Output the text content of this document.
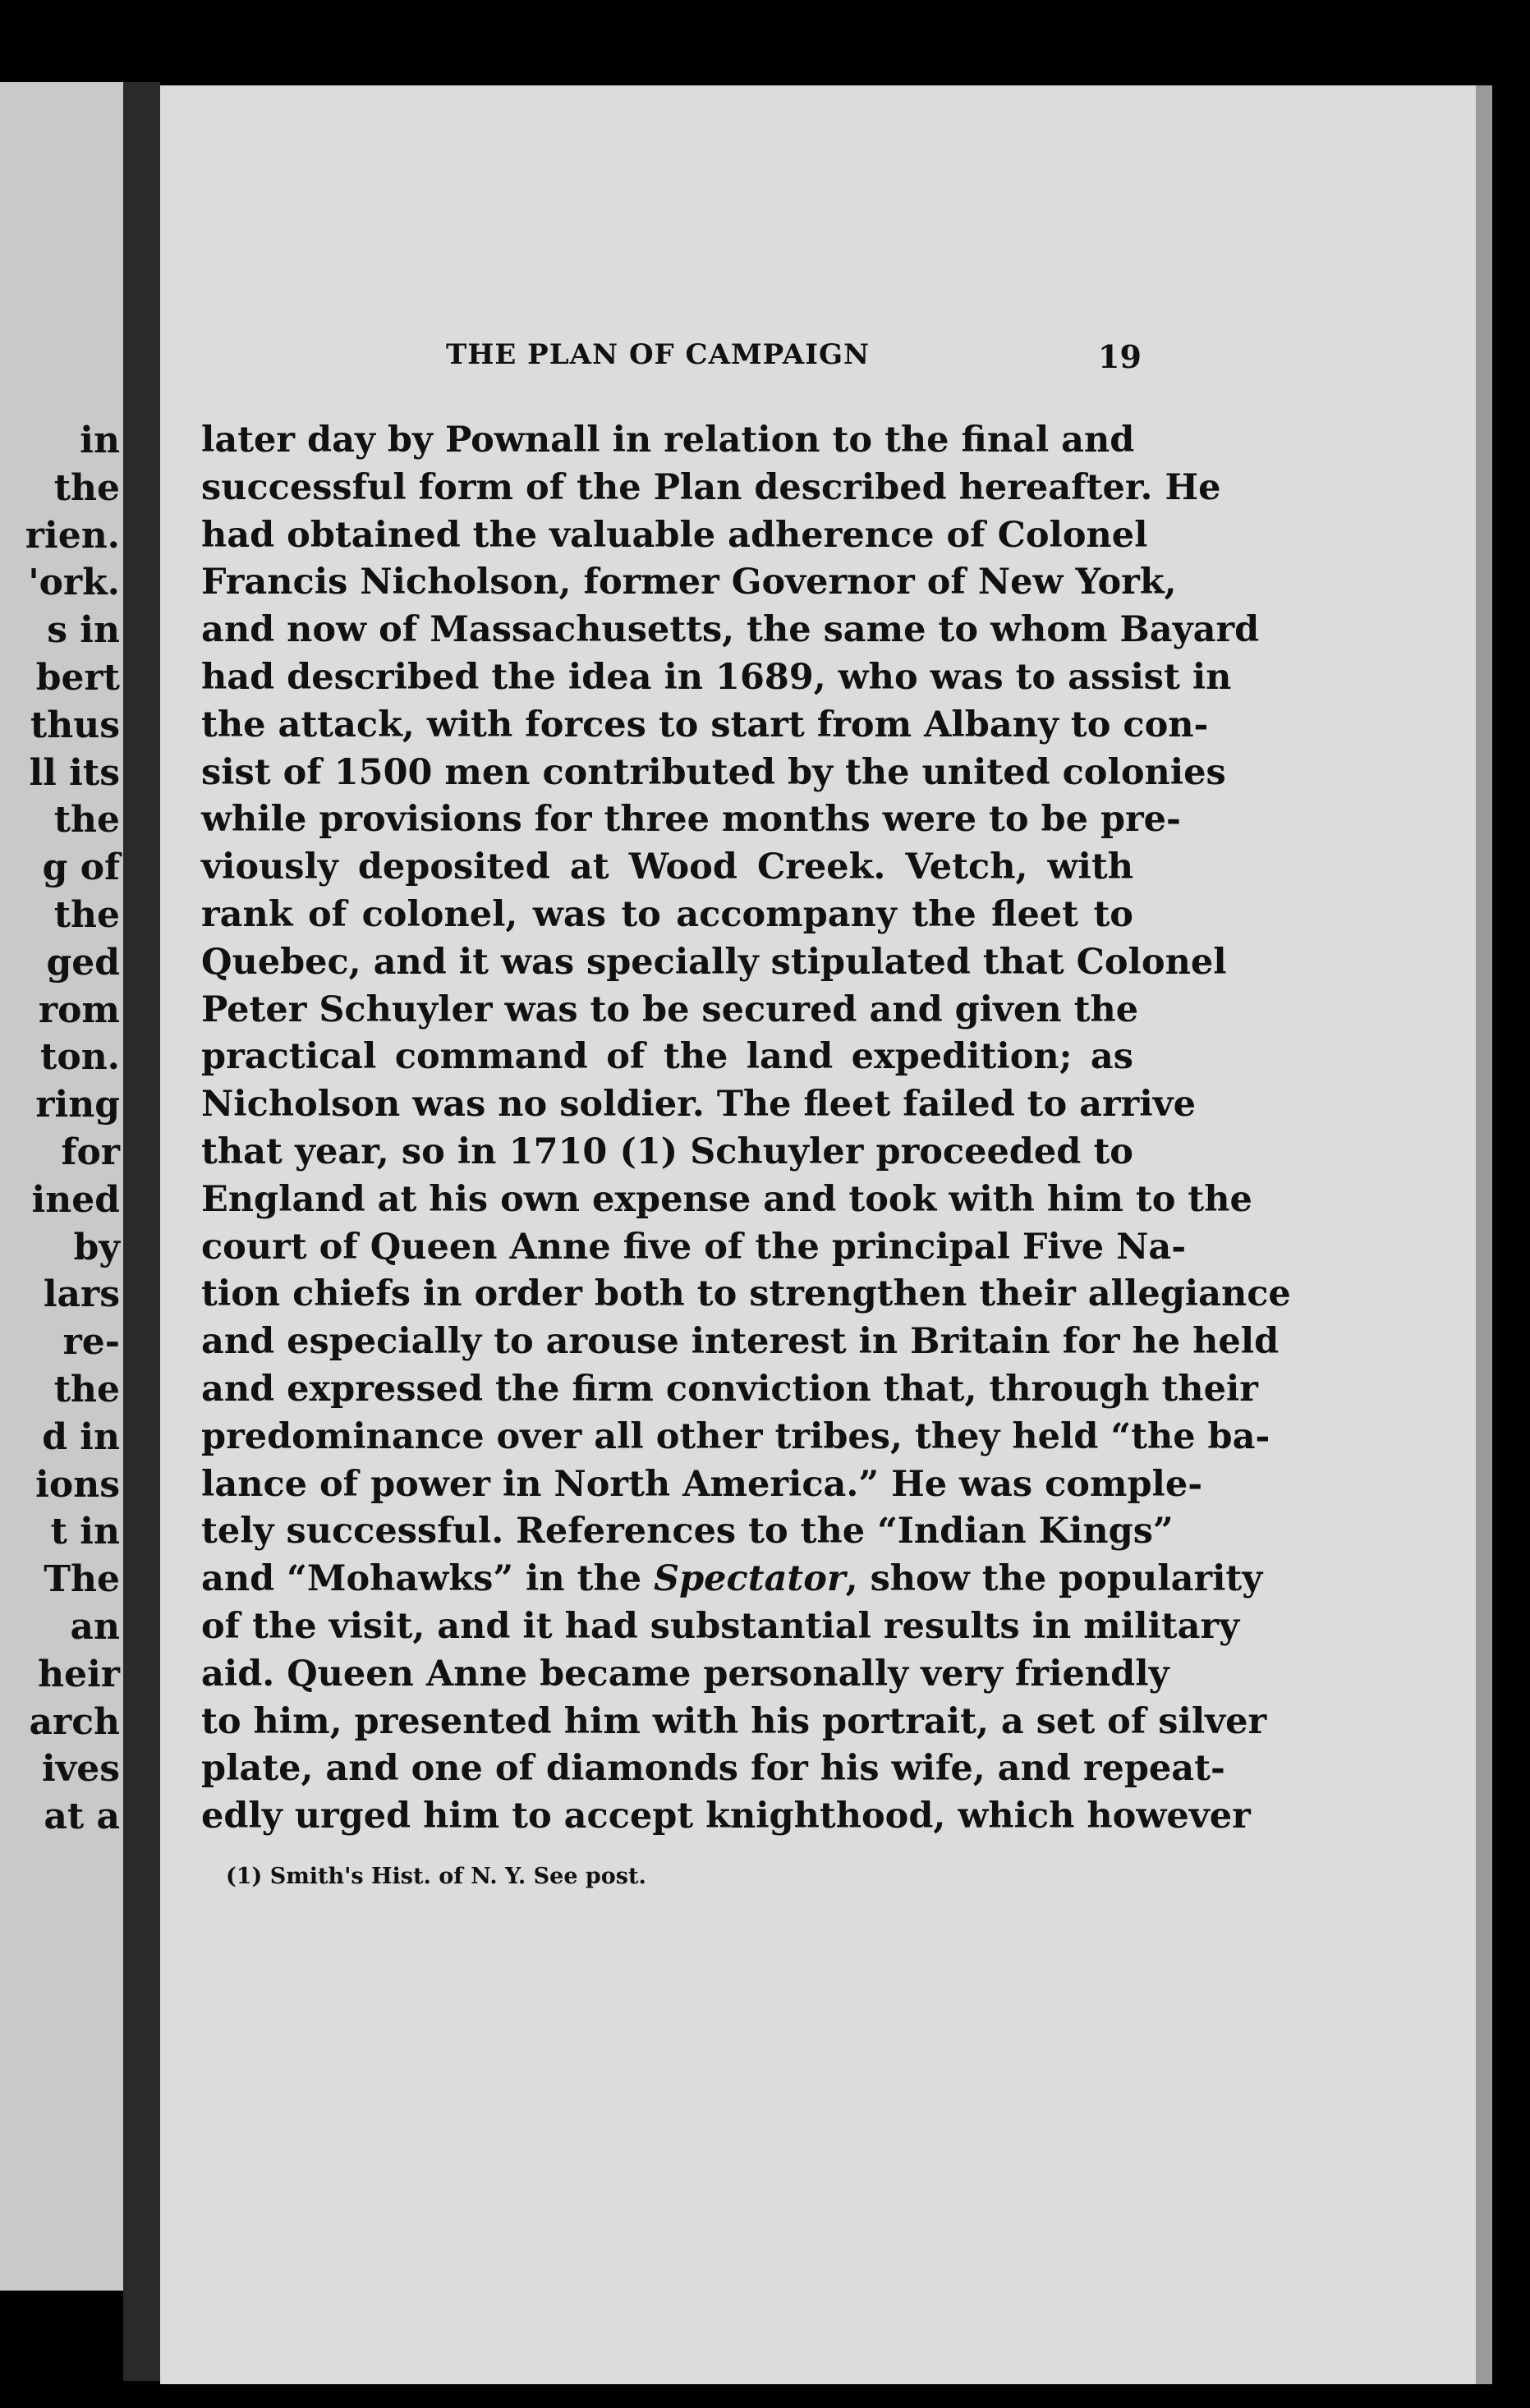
in
the
rien.
'ork.
s in
bert
thus
ll its
the
g of
the
ged
rom
ton.
ring
for
ined
by
lars
re-
the
d in
ions
t in
The
an
heir
arch
ives
at a
THE PLAN OF CAMPAIGN	19
later day by Pownall in relation to the final and
successful form of the Plan described hereafter. He
had obtained the valuable adherence of Colonel
Francis Nicholson, former Governor of New York,
and now of Massachusetts, the same to whom Bayard
had described the idea in 1689, who was to assist in
the attack, with forces to start from Albany to con-
sist of 1500 men contributed by the united colonies
while provisions for three months were to be pre-
viously deposited at Wood Creek. Vetch, with
rank of colonel, was to accompany the fleet to
Quebec, and it was specially stipulated that Colonel
Peter Schuyler was to be secured and given the
practical command of the land expedition; as
Nicholson was no soldier. The fleet failed to arrive
that year, so in 1710 (1) Schuyler proceeded to
England at his own expense and took with him to the
court of Queen Anne five of the principal Five Na-
tion chiefs in order both to strengthen their allegiance
and especially to arouse interest in Britain for he held
and expressed the firm conviction that, through their
predominance over all other tribes, they held “the ba-
lance of power in North America.” He was comple-
tely successful. References to the “Indian Kings”
and “Mohawks” in the Spectator, show the popularity
of the visit, and it had substantial results in military
aid. Queen Anne became personally very friendly
to him, presented him with his portrait, a set of silver
plate, and one of diamonds for his wife, and repeat-
edly urged him to accept knighthood, which however
(1) Smith's Hist. of N. Y. See post.
